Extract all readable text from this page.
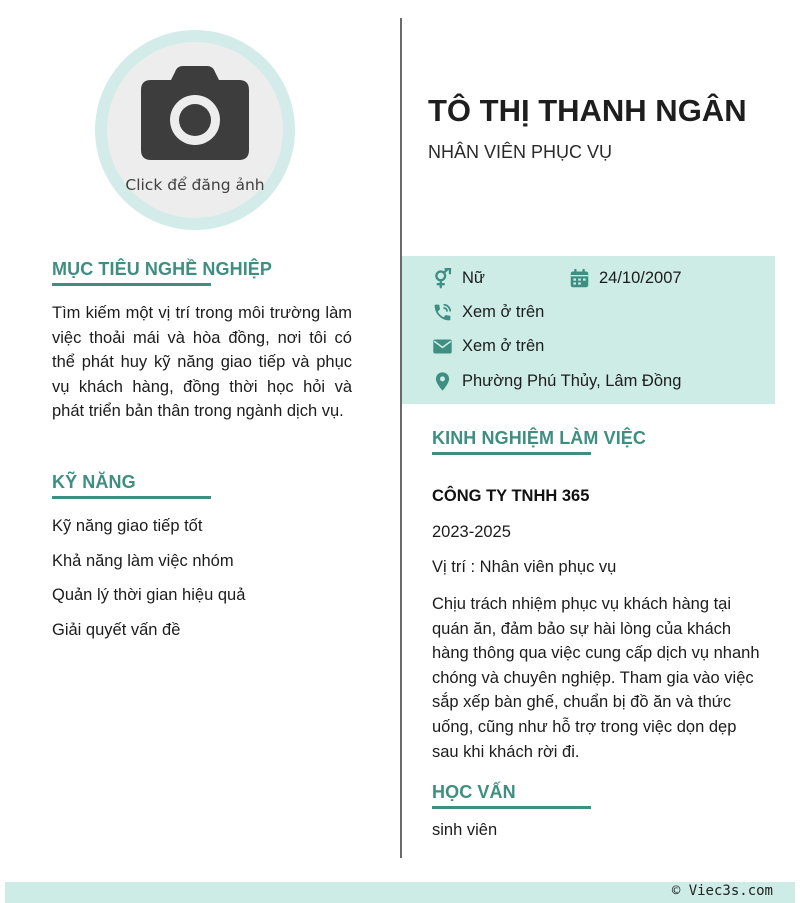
Click để đăng ảnh
MỤC TIÊU NGHỀ NGHIỆP

Tìm kiếm một vị trí trong môi trường làm việc thoải mái và hòa đồng, nơi tôi có thể phát huy kỹ năng giao tiếp và phục vụ khách hàng, đồng thời học hỏi và phát triển bản thân trong ngành dịch vụ.

KỸ NĂNG
Kỹ năng giao tiếp tốt
Khả năng làm việc nhóm
Quản lý thời gian hiệu quả
Giải quyết vấn đề
TÔ THỊ THANH NGÂN
NHÂN VIÊN PHỤC VỤ
Nữ	24/10/2007
Xem ở trên
Xem ở trên
Phường Phú Thủy, Lâm Đồng
KINH NGHIỆM LÀM VIỆC
CÔNG TY TNHH 365
2023-2025
Vị trí : Nhân viên phục vụ

Chịu trách nhiệm phục vụ khách hàng tại quán ăn, đảm bảo sự hài lòng của khách hàng thông qua việc cung cấp dịch vụ nhanh chóng và chuyên nghiệp. Tham gia vào việc sắp xếp bàn ghế, chuẩn bị đồ ăn và thức uống, cũng như hỗ trợ trong việc dọn dẹp sau khi khách rời đi.

HỌC VẤN
sinh viên
© Viec3s.com
